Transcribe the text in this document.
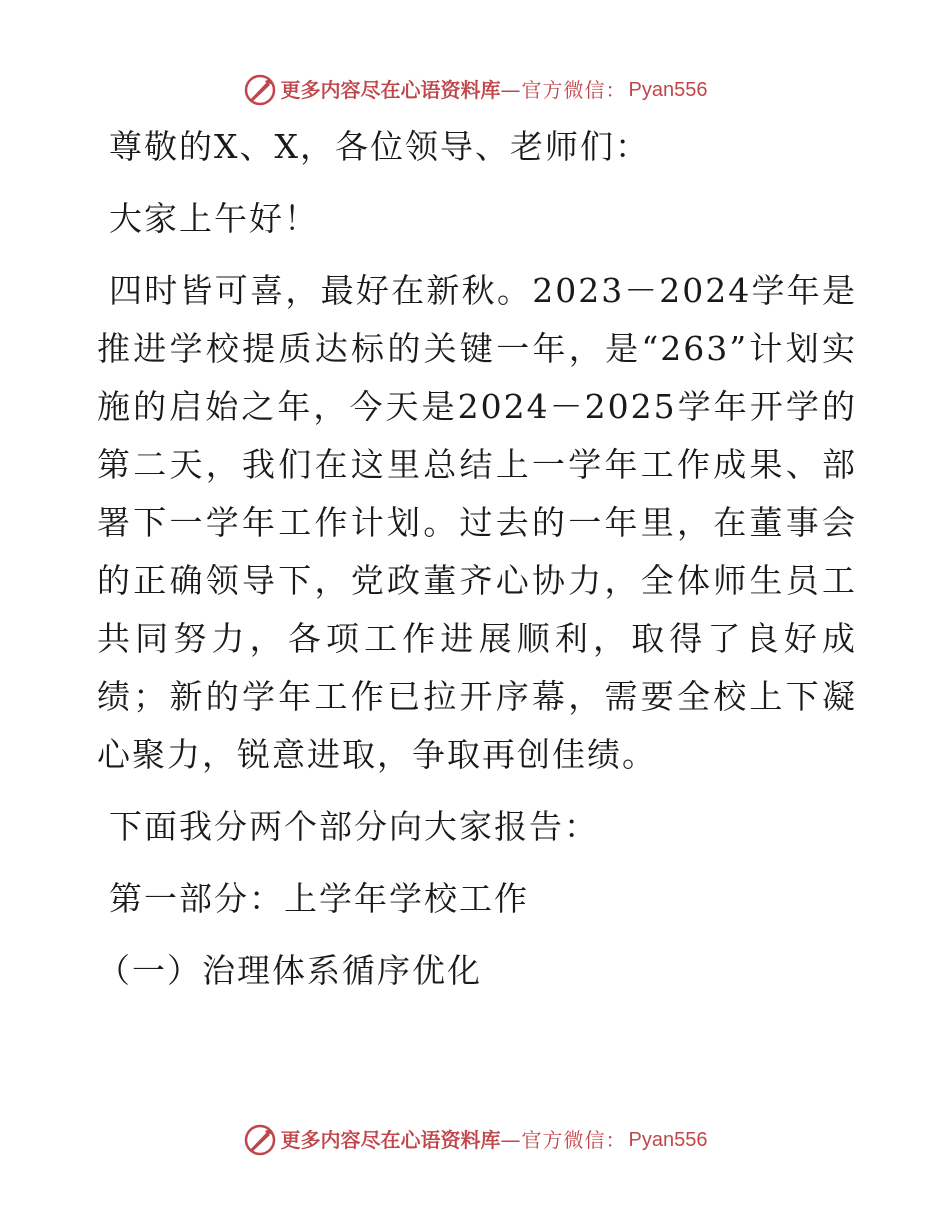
更多内容尽在心语资料库 — 官方微信： Pyan556

尊敬的X、X，各位领导、老师们：

大家上午好！

四时皆可喜，最好在新秋。2023－2024学年是推进学校提质达标的关键一年，是“263”计划实施的启始之年，今天是2024－2025学年开学的第二天，我们在这里总结上一学年工作成果、部署下一学年工作计划。过去的一年里，在董事会的正确领导下，党政董齐心协力，全体师生员工共同努力，各项工作进展顺利，取得了良好成绩；新的学年工作已拉开序幕，需要全校上下凝心聚力，锐意进取，争取再创佳绩。

下面我分两个部分向大家报告：

第一部分：上学年学校工作

（一）治理体系循序优化

更多内容尽在心语资料库 — 官方微信： Pyan556
